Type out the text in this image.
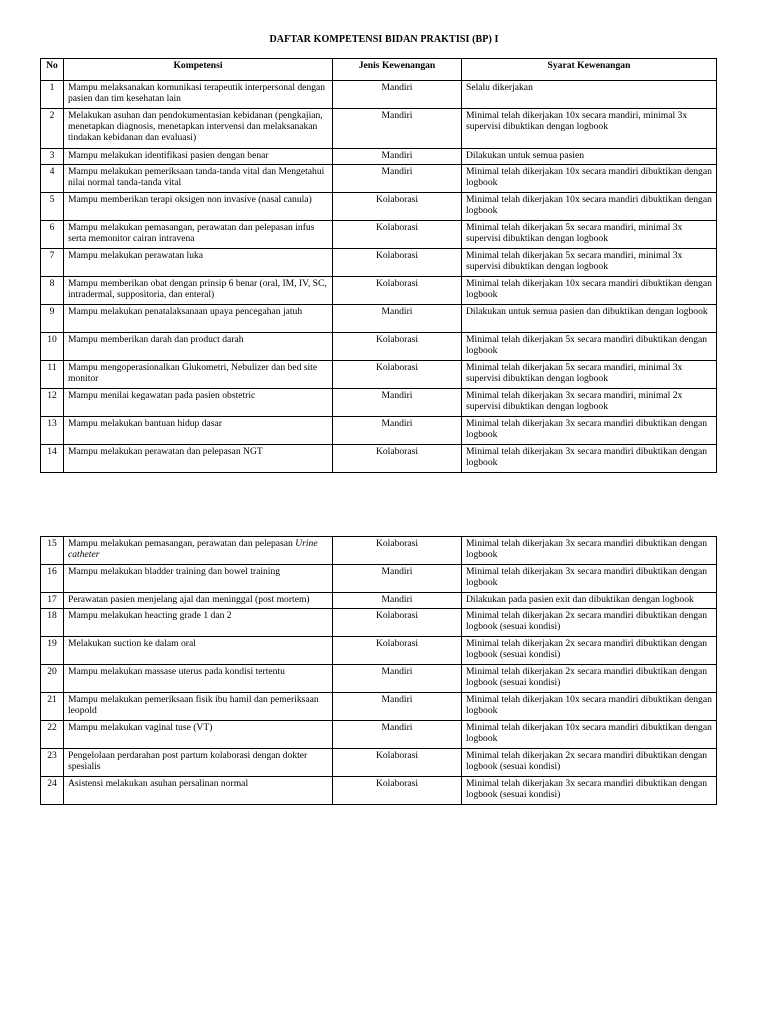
DAFTAR KOMPETENSI BIDAN PRAKTISI (BP) I
No	Kompetensi	Jenis Kewenangan	Syarat Kewenangan
1	Mampu melaksanakan komunikasi terapeutik interpersonal dengan pasien dan tim kesehatan lain	Mandiri	Selalu dikerjakan
2	Melakukan asuhan dan pendokumentasian kebidanan (pengkajian, menetapkan diagnosis, menetapkan intervensi dan melaksanakan tindakan kebidanan dan evaluasi)	Mandiri	Minimal telah dikerjakan 10x secara mandiri, minimal 3x supervisi dibuktikan dengan logbook
3	Mampu melakukan identifikasi pasien dengan benar	Mandiri	Dilakukan untuk semua pasien
4	Mampu melakukan pemeriksaan tanda-tanda vital dan Mengetahui nilai normal tanda-tanda vital	Mandiri	Minimal telah dikerjakan 10x secara mandiri dibuktikan dengan logbook
5	Mampu memberikan terapi oksigen non invasive (nasal canula)	Kolaborasi	Minimal telah dikerjakan 10x secara mandiri dibuktikan dengan logbook
6	Mampu melakukan pemasangan, perawatan dan pelepasan infus serta memonitor cairan intravena	Kolaborasi	Minimal telah dikerjakan 5x secara mandiri, minimal 3x supervisi dibuktikan dengan logbook
7	Mampu melakukan perawatan luka	Kolaborasi	Minimal telah dikerjakan 5x secara mandiri, minimal 3x supervisi dibuktikan dengan logbook
8	Mampu memberikan obat dengan prinsip 6 benar (oral, IM, IV, SC, intradermal, suppositoria, dan enteral)	Kolaborasi	Minimal telah dikerjakan 10x secara mandiri dibuktikan dengan logbook
9	Mampu melakukan penatalaksanaan upaya pencegahan jatuh	Mandiri	Dilakukan untuk semua pasien dan dibuktikan dengan logbook
10	Mampu memberikan darah dan product darah	Kolaborasi	Minimal telah dikerjakan 5x secara mandiri dibuktikan dengan logbook
11	Mampu mengoperasionalkan Glukometri, Nebulizer dan bed site monitor	Kolaborasi	Minimal telah dikerjakan 5x secara mandiri, minimal 3x supervisi dibuktikan dengan logbook
12	Mampu menilai kegawatan pada pasien obstetric	Mandiri	Minimal telah dikerjakan 3x secara mandiri, minimal 2x supervisi dibuktikan dengan logbook
13	Mampu melakukan bantuan hidup dasar	Mandiri	Minimal telah dikerjakan 3x secara mandiri dibuktikan dengan logbook
14	Mampu melakukan perawatan dan pelepasan NGT	Kolaborasi	Minimal telah dikerjakan 3x secara mandiri dibuktikan dengan logbook
15	Mampu melakukan pemasangan, perawatan dan pelepasan Urine catheter	Kolaborasi	Minimal telah dikerjakan 3x secara mandiri dibuktikan dengan logbook
16	Mampu melakukan bladder training dan bowel training	Mandiri	Minimal telah dikerjakan 3x secara mandiri dibuktikan dengan logbook
17	Perawatan pasien menjelang ajal dan meninggal (post mortem)	Mandiri	Dilakukan pada pasien exit dan dibuktikan dengan logbook
18	Mampu melakukan heacting grade 1 dan 2	Kolaborasi	Minimal telah dikerjakan 2x secara mandiri dibuktikan dengan logbook (sesuai kondisi)
19	Melakukan suction ke dalam oral	Kolaborasi	Minimal telah dikerjakan 2x secara mandiri dibuktikan dengan logbook (sesuai kondisi)
20	Mampu melakukan massase uterus pada kondisi tertentu	Mandiri	Minimal telah dikerjakan 2x secara mandiri dibuktikan dengan logbook (sesuai kondisi)
21	Mampu melakukan pemeriksaan fisik ibu hamil dan pemeriksaan leopold	Mandiri	Minimal telah dikerjakan 10x secara mandiri dibuktikan dengan logbook
22	Mampu melakukan vaginal tuse (VT)	Mandiri	Minimal telah dikerjakan 10x secara mandiri dibuktikan dengan logbook
23	Pengelolaan perdarahan post partum kolaborasi dengan dokter spesialis	Kolaborasi	Minimal telah dikerjakan 2x secara mandiri dibuktikan dengan logbook (sesuai kondisi)
24	Asistensi melakukan asuhan persalinan normal	Kolaborasi	Minimal telah dikerjakan 3x secara mandiri dibuktikan dengan logbook (sesuai kondisi)
